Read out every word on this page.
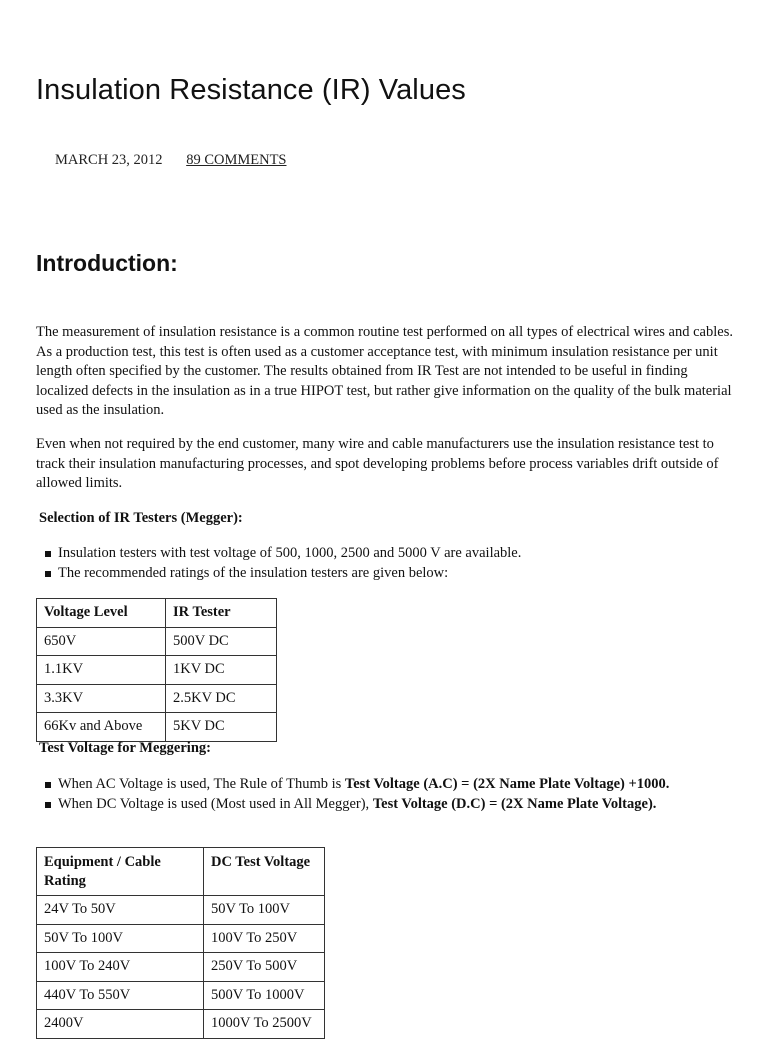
Insulation Resistance (IR) Values
MARCH 23, 2012 89 COMMENTS
Introduction:

The measurement of insulation resistance is a common routine test performed on all types of electrical wires and cables. As a production test, this test is often used as a customer acceptance test, with minimum insulation resistance per unit length often specified by the customer. The results obtained from IR Test are not intended to be useful in finding localized defects in the insulation as in a true HIPOT test, but rather give information on the quality of the bulk material used as the insulation.

Even when not required by the end customer, many wire and cable manufacturers use the insulation resistance test to track their insulation manufacturing processes, and spot developing problems before process variables drift outside of allowed limits.

Selection of IR Testers (Megger):

Insulation testers with test voltage of 500, 1000, 2500 and 5000 V are available.
The recommended ratings of the insulation testers are given below:
Voltage Level	IR Tester
650V	500V DC
1.1KV	1KV DC
3.3KV	2.5KV DC
66Kv and Above	5KV DC

Test Voltage for Meggering:

When AC Voltage is used, The Rule of Thumb is Test Voltage (A.C) = (2X Name Plate Voltage) +1000.
When DC Voltage is used (Most used in All Megger), Test Voltage (D.C) = (2X Name Plate Voltage).
Equipment / Cable Rating	DC Test Voltage
24V To 50V	50V To 100V
50V To 100V	100V To 250V
100V To 240V	250V To 500V
440V To 550V	500V To 1000V
2400V	1000V To 2500V
